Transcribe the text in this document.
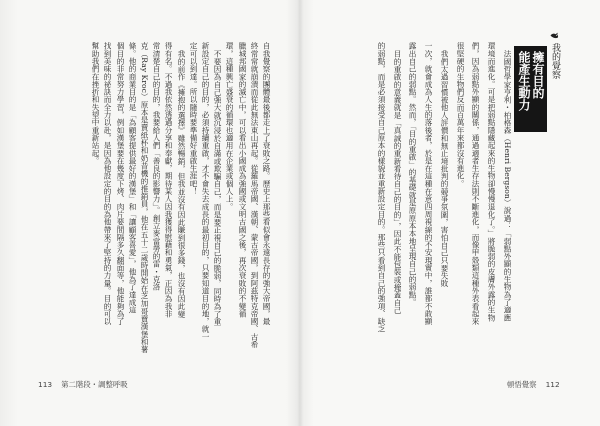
我的覺察
擁有目的
能產生動力
法國哲學家亨利・柏格森（Henri Bergson）說過：「弱點外顯的生物為了適應
環境而進化。可是把弱點隱藏起來的生物卻慢慢退化了。」將脆弱的皮膚外露的生物
們，因為弱點外顯的關係，通過適者生存法則不斷進化，而像甲殼類這種外表看起來
很堅硬的生物們反而百萬年來都沒有進化。
我們太過習慣被他人評價和無止境批判的競爭氛圍，害怕自己只要失敗
一次，就會成為人生的落後者，於是在這種在意四周視線的不安現實中，誰都不敢顯
露出自己的弱點。然而，「目的重啟」的基礎就是原原本本地呈現自己的弱點。
目的重啟的意義就是「真誠的重新看待自己的目的」，因此不能包裝或掩蓋自己
的弱點，而是必須接受自己原本的樣貌並重新設定目的。那些只看到自己的強項、缺乏
自我覺察的團體最後都走上了衰敗之路。歷史上那些看似會永遠長存的強大帝國，最
終常常就崩潰而從此無法東山再起。從羅馬帝國、漢朝、蒙古帝國，到阿茲特克帝國、古希
臘城邦國家的滅亡中，可以看出小國成為強國或文明古國之後，再次衰敗的不變循
環，這種興亡盛衰的循環也適用在企業或個人上。
不要因為自己強大就沉浸於自滿或欺騙自己，而是要正視自己的脆弱，同時為了重
新設定自己的目的，必須持續重啟，才不會失去成長的最初目的，只要知道目的地，就一
定可以到達。所以隨時要準備好重啟生涯吧！
我的前作《擁抱的選擇》雖然暢銷，但我並沒有因此賺到很多錢，也沒有因此變
得有名。不過我依然透過分享和奉獻，期待某人因我獲得慰藉和勇氣，正因為我非
常清楚自己的目的，我要給人們「善良的影響力」。創立麥當勞的雷・克洛
克（Ray Kroc）原本是賣紙杯和奶昔機的推銷員，他在五十二歲時開始在芝加哥賣漢堡和薯
條。他的商業目的是「為顧客提供最好的漢堡」和「讓顧客喜愛」，他為了達成這
個目的非常努力學習，例如漢堡要在幾度下烤、肉片要間隔多久翻面等，他能夠為了
找到美味的祕訣而全力以赴，是因為他設定的目的為他帶來了堅持的力量。目的可以
幫助我們在挫折和失望中重新站起。
113 第二階段・調整呼吸	頓悟覺察 112
